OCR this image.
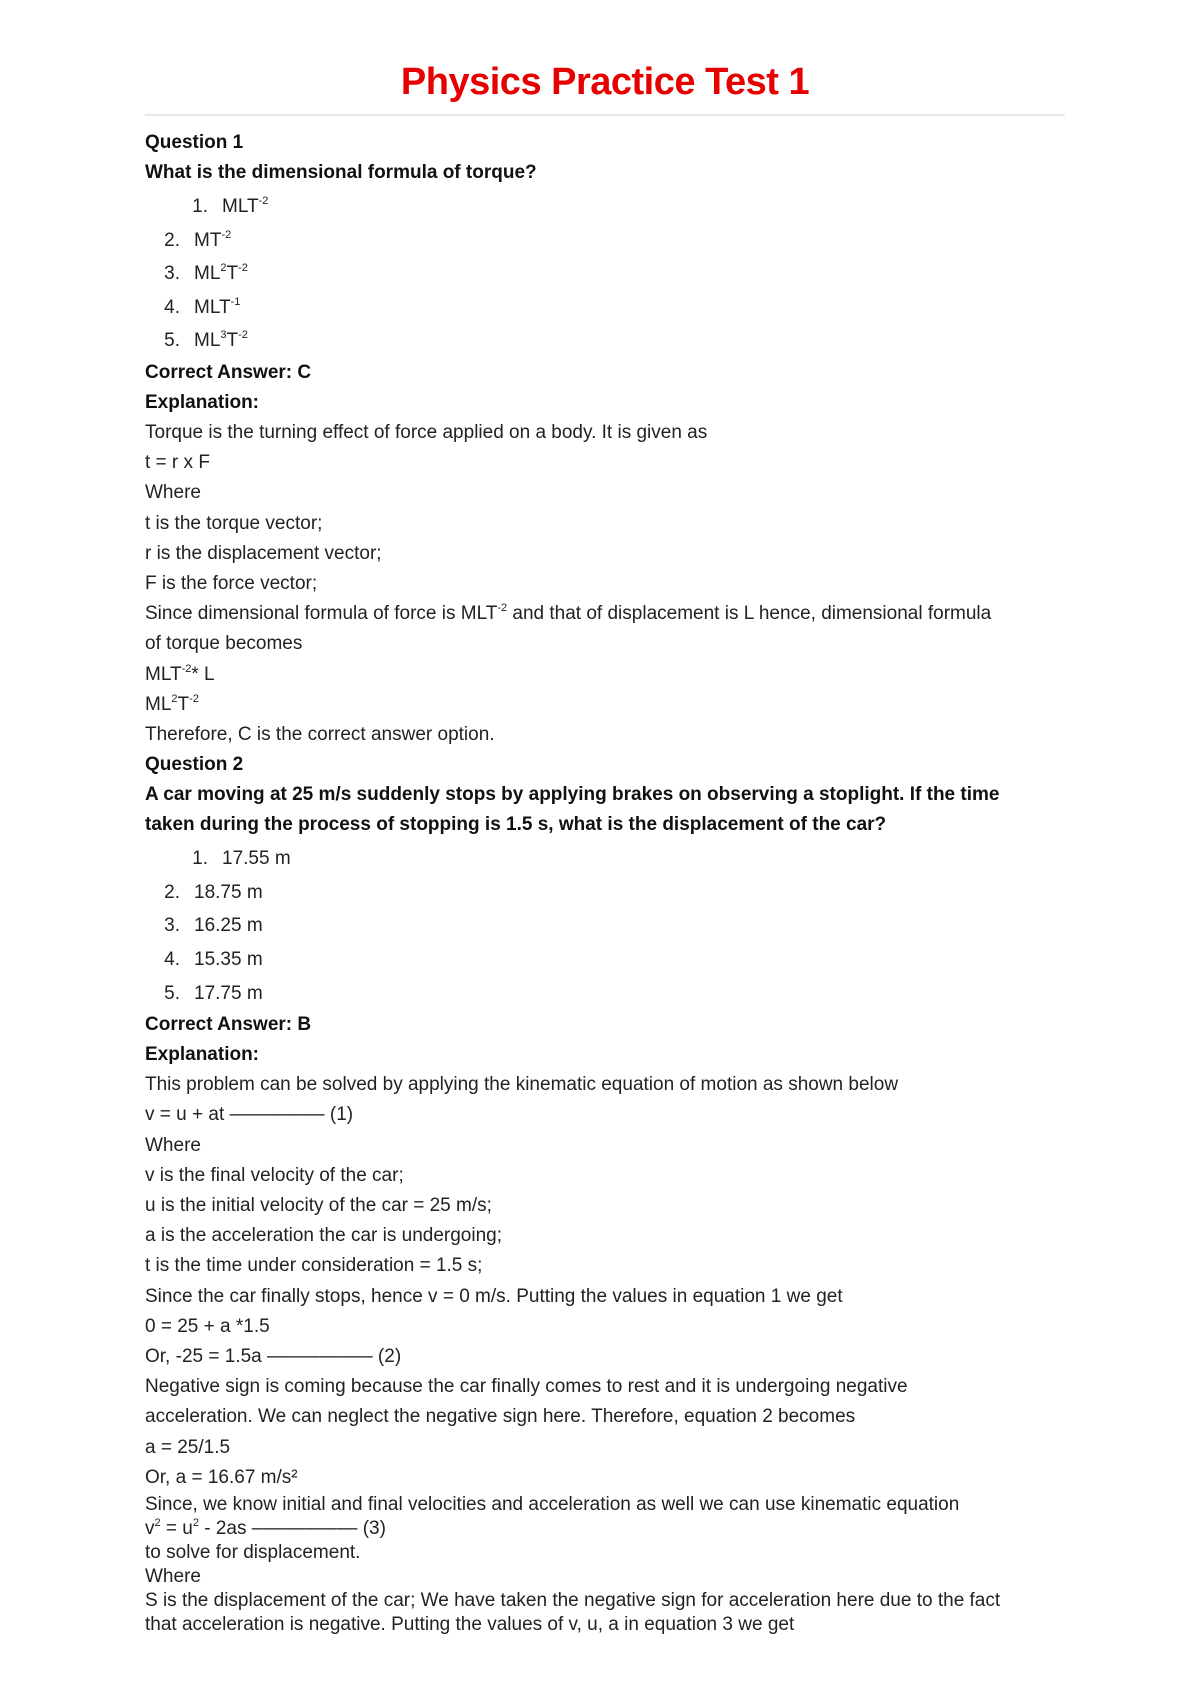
Physics Practice Test 1
Question 1
What is the dimensional formula of torque?
1. $MLT^{-2}$
2. $MT^{-2}$
3. $ML^2T^{-2}$
4. $MLT^{-1}$
5. $ML^3T^{-2}$
Correct Answer: C
Explanation:
Torque is the turning effect of force applied on a body. It is given as
t = r x F
Where
t is the torque vector;
r is the displacement vector;
F is the force vector;
Since dimensional formula of force is $MLT^{-2}$ and that of displacement is L hence, dimensional formula
of torque becomes
$MLT^{-2}*$ L
$ML^2T^{-2}$
Therefore, C is the correct answer option.
Question 2
A car moving at 25 m/s suddenly stops by applying brakes on observing a stoplight. If the time
taken during the process of stopping is 1.5 s, what is the displacement of the car?
1. 17.55 m
2. 18.75 m
3. 16.25 m
4. 15.35 m
5. 17.75 m
Correct Answer: B
Explanation:
This problem can be solved by applying the kinematic equation of motion as shown below
v = u + at ––––––––– (1)
Where
v is the final velocity of the car;
u is the initial velocity of the car = 25 m/s;
a is the acceleration the car is undergoing;
t is the time under consideration = 1.5 s;
Since the car finally stops, hence v = 0 m/s. Putting the values in equation 1 we get
0 = 25 + a *1.5
Or, -25 = 1.5a –––––––––– (2)
Negative sign is coming because the car finally comes to rest and it is undergoing negative
acceleration. We can neglect the negative sign here. Therefore, equation 2 becomes
a = 25/1.5
Or, a = 16.67 m/s²
Since, we know initial and final velocities and acceleration as well we can use kinematic equation
$v^2 = u^2 - 2as$ –––––––––– (3)
to solve for displacement.
Where
S is the displacement of the car; We have taken the negative sign for acceleration here due to the fact
that acceleration is negative. Putting the values of v, u, a in equation 3 we get
